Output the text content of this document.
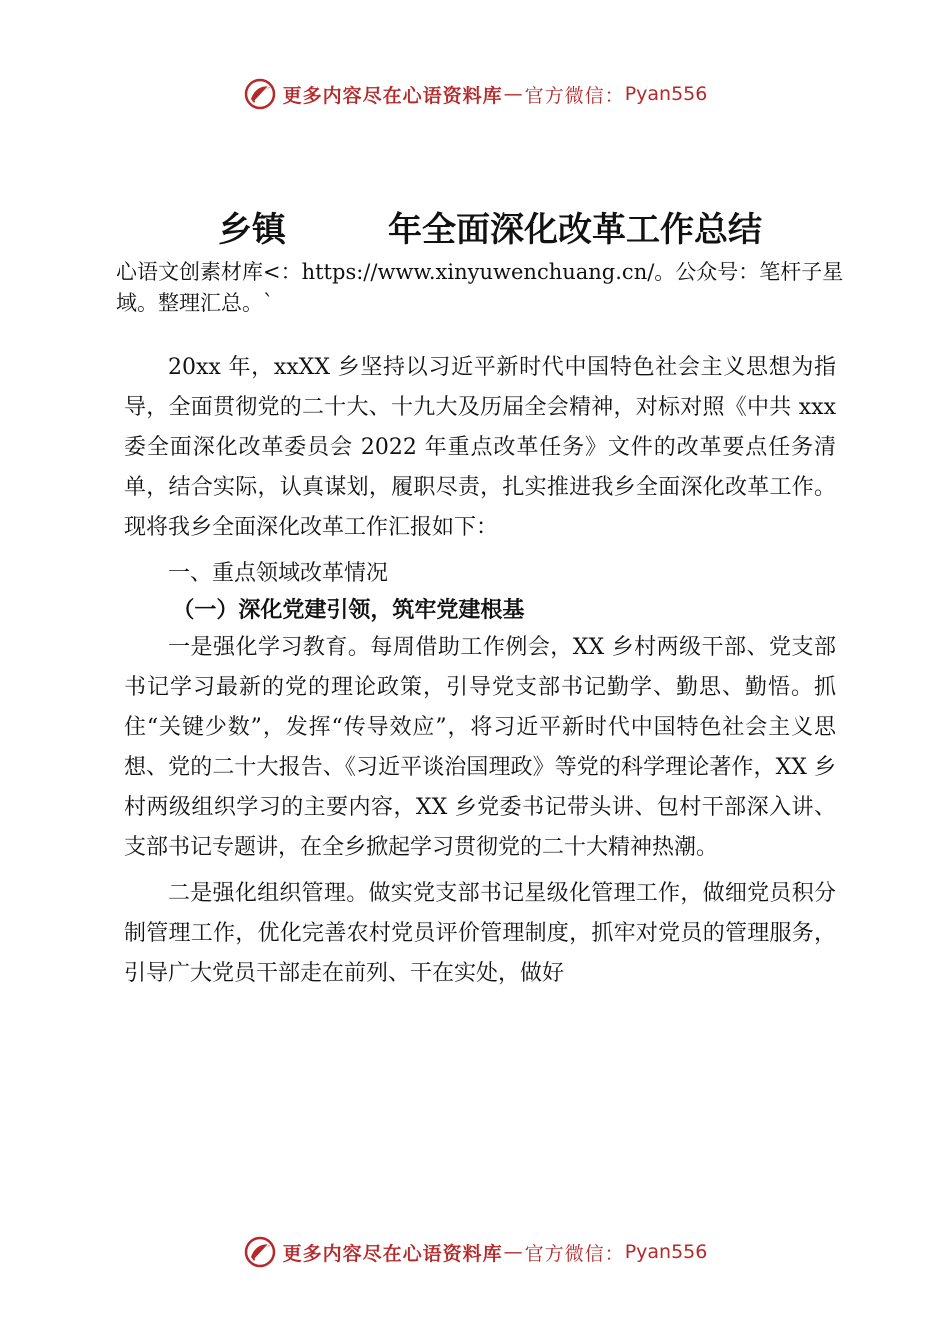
更多内容尽在心语资料库 — 官方微信： Pyan556
乡镇	年全面深化改革工作总结
心语文创素材库<：https://www.xinyuwenchuang.cn/。公众号：笔杆子星域。整理汇总。`

20xx 年，xxXX 乡坚持以习近平新时代中国特色社会主义思想为指导，全面贯彻党的二十大、十九大及历届全会精神，对标对照《中共 xxx 委全面深化改革委员会 2022 年重点改革任务》文件的改革要点任务清单，结合实际，认真谋划，履职尽责，扎实推进我乡全面深化改革工作。现将我乡全面深化改革工作汇报如下：

一、重点领域改革情况

（一）深化党建引领，筑牢党建根基

一是强化学习教育。每周借助工作例会，XX 乡村两级干部、党支部书记学习最新的党的理论政策，引导党支部书记勤学、勤思、勤悟。抓住“关键少数”，发挥“传导效应”，将习近平新时代中国特色社会主义思想、党的二十大报告、《习近平谈治国理政》等党的科学理论著作，XX 乡村两级组织学习的主要内容，XX 乡党委书记带头讲、包村干部深入讲、支部书记专题讲，在全乡掀起学习贯彻党的二十大精神热潮。

二是强化组织管理。做实党支部书记星级化管理工作，做细党员积分制管理工作，优化完善农村党员评价管理制度，抓牢对党员的管理服务，引导广大党员干部走在前列、干在实处，做好

更多内容尽在心语资料库 — 官方微信： Pyan556
